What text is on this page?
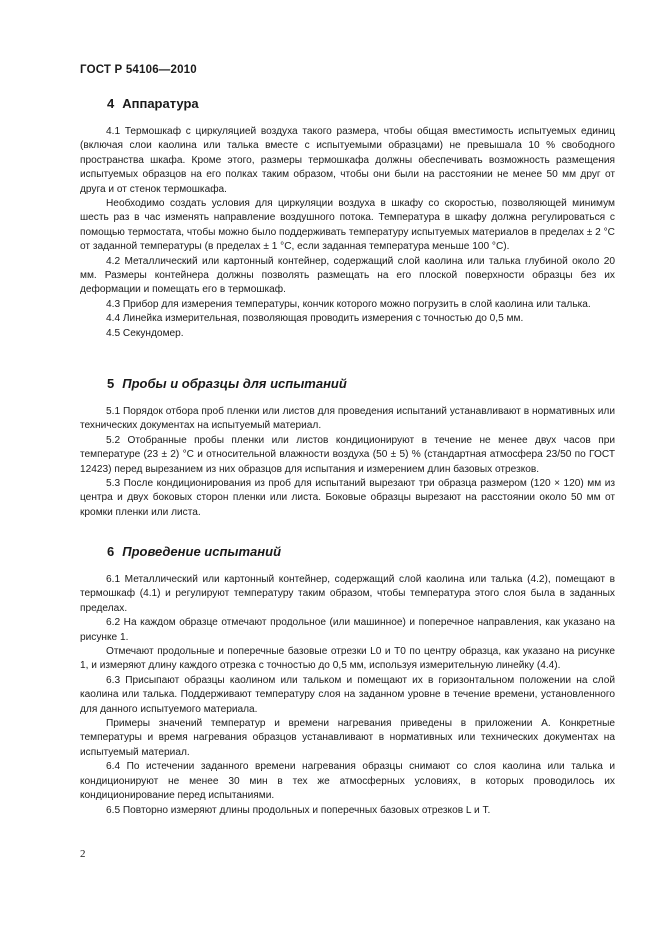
ГОСТ Р 54106—2010
4 Аппаратура

4.1 Термошкаф с циркуляцией воздуха такого размера, чтобы общая вместимость испытуемых единиц (включая слои каолина или талька вместе с испытуемыми образцами) не превышала 10 % свободного пространства шкафа. Кроме этого, размеры термошкафа должны обеспечивать возможность размещения испытуемых образцов на его полках таким образом, чтобы они были на расстоянии не менее 50 мм друг от друга и от стенок термошкафа.

Необходимо создать условия для циркуляции воздуха в шкафу со скоростью, позволяющей минимум шесть раз в час изменять направление воздушного потока. Температура в шкафу должна регулироваться с помощью термостата, чтобы можно было поддерживать температуру испытуемых материалов в пределах ± 2 °С от заданной температуры (в пределах ± 1 °С, если заданная температура меньше 100 °С).

4.2 Металлический или картонный контейнер, содержащий слой каолина или талька глубиной около 20 мм. Размеры контейнера должны позволять размещать на его плоской поверхности образцы без их деформации и помещать его в термошкаф.

4.3 Прибор для измерения температуры, кончик которого можно погрузить в слой каолина или талька.

4.4 Линейка измерительная, позволяющая проводить измерения с точностью до 0,5 мм.

4.5 Секундомер.

5 Пробы и образцы для испытаний

5.1 Порядок отбора проб пленки или листов для проведения испытаний устанавливают в нормативных или технических документах на испытуемый материал.

5.2 Отобранные пробы пленки или листов кондиционируют в течение не менее двух часов при температуре (23 ± 2) °С и относительной влажности воздуха (50 ± 5) % (стандартная атмосфера 23/50 по ГОСТ 12423) перед вырезанием из них образцов для испытания и измерением длин базовых отрезков.

5.3 После кондиционирования из проб для испытаний вырезают три образца размером (120 × 120) мм из центра и двух боковых сторон пленки или листа. Боковые образцы вырезают на расстоянии около 50 мм от кромки пленки или листа.

6 Проведение испытаний

6.1 Металлический или картонный контейнер, содержащий слой каолина или талька (4.2), помещают в термошкаф (4.1) и регулируют температуру таким образом, чтобы температура этого слоя была в заданных пределах.

6.2 На каждом образце отмечают продольное (или машинное) и поперечное направления, как указано на рисунке 1.

Отмечают продольные и поперечные базовые отрезки L0 и T0 по центру образца, как указано на рисунке 1, и измеряют длину каждого отрезка с точностью до 0,5 мм, используя измерительную линейку (4.4).

6.3 Присыпают образцы каолином или тальком и помещают их в горизонтальном положении на слой каолина или талька. Поддерживают температуру слоя на заданном уровне в течение времени, установленного для данного испытуемого материала.

Примеры значений температур и времени нагревания приведены в приложении А. Конкретные температуры и время нагревания образцов устанавливают в нормативных или технических документах на испытуемый материал.

6.4 По истечении заданного времени нагревания образцы снимают со слоя каолина или талька и кондиционируют не менее 30 мин в тех же атмосферных условиях, в которых проводилось их кондиционирование перед испытаниями.

6.5 Повторно измеряют длины продольных и поперечных базовых отрезков L и T.

2
